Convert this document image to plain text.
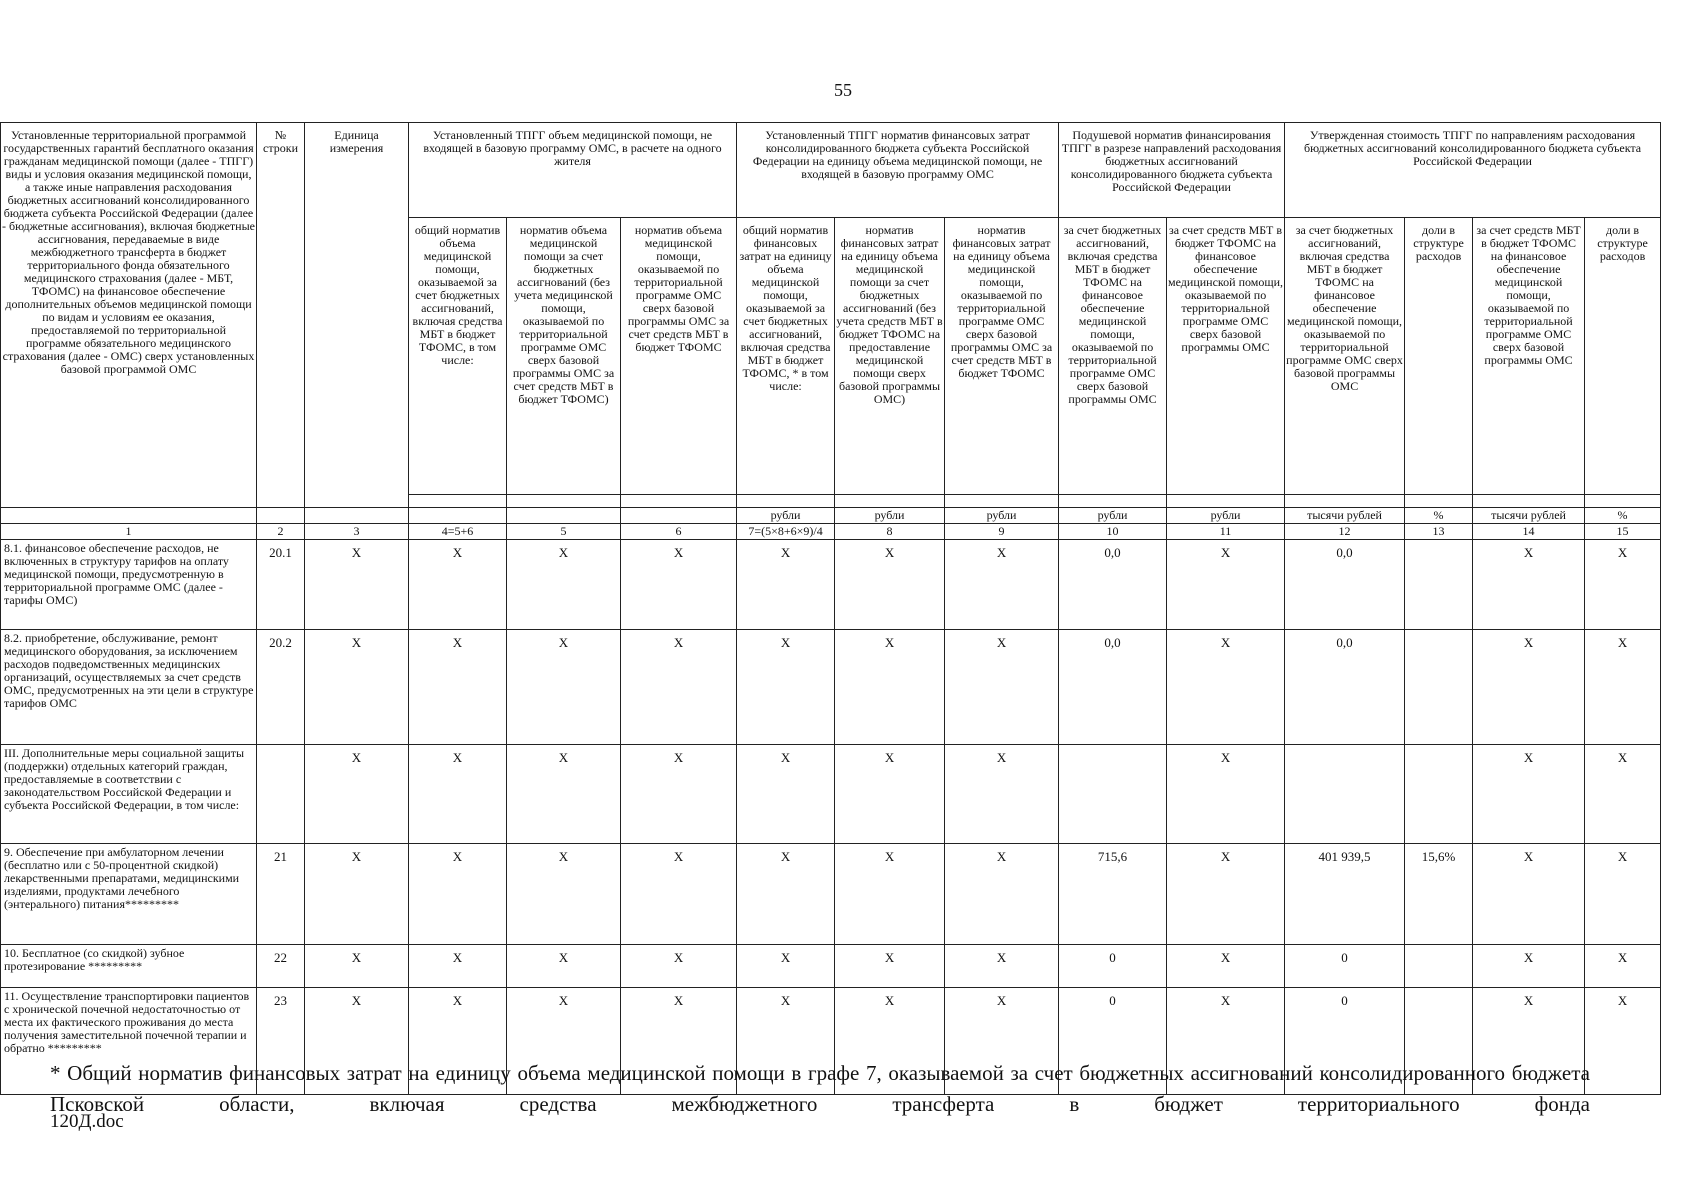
55
Установленные территориальной программой государственных гарантий бесплатного оказания гражданам медицинской помощи (далее - ТПГГ) виды и условия оказания медицинской помощи, а также иные направления расходования бюджетных ассигнований консолидированного бюджета субъекта Российской Федерации (далее - бюджетные ассигнования), включая бюджетные ассигнования, передаваемые в виде межбюджетного трансферта в бюджет территориального фонда обязательного медицинского страхования (далее - МБТ, ТФОМС) на финансовое обеспечение дополнительных объемов медицинской помощи по видам и условиям ее оказания, предоставляемой по территориальной программе обязательного медицинского страхования (далее - ОМС) сверх установленных базовой программой ОМС	№ строки	Единица измерения	Установленный ТПГГ объем медицинской помощи, не входящей в базовую программу ОМС, в расчете на одного жителя			Установленный ТПГГ норматив финансовых затрат консолидированного бюджета субъекта Российской Федерации на единицу объема медицинской помощи, не входящей в базовую программу ОМС			Подушевой норматив финансирования ТПГГ в разрезе направлений расходования бюджетных ассигнований консолидированного бюджета субъекта Российской Федерации		Утвержденная стоимость ТПГГ по направлениям расходования бюджетных ассигнований консолидированного бюджета субъекта Российской Федерации			
			общий норматив объема медицинской помощи, оказываемой за счет бюджетных ассигнований, включая средства МБТ в бюджет ТФОМС, в том числе:	норматив объема медицинской помощи за счет бюджетных ассигнований (без учета медицинской помощи, оказываемой по территориальной программе ОМС сверх базовой программы ОМС за счет средств МБТ в бюджет ТФОМС)	норматив объема медицинской помощи, оказываемой по территориальной программе ОМС сверх базовой программы ОМС за счет средств МБТ в бюджет ТФОМС	общий норматив финансовых затрат на единицу объема медицинской помощи, оказываемой за счет бюджетных ассигнований, включая средства МБТ в бюджет ТФОМС, * в том числе:	норматив финансовых затрат на единицу объема медицинской помощи за счет бюджетных ассигнований (без учета средств МБТ в бюджет ТФОМС на предоставление медицинской помощи сверх базовой программы ОМС)	норматив финансовых затрат на единицу объема медицинской помощи, оказываемой по территориальной программе ОМС сверх базовой программы ОМС за счет средств МБТ в бюджет ТФОМС	за счет бюджетных ассигнований, включая средства МБТ в бюджет ТФОМС на финансовое обеспечение медицинской помощи, оказываемой по территориальной программе ОМС сверх базовой программы ОМС	за счет средств МБТ в бюджет ТФОМС на финансовое обеспечение медицинской помощи, оказываемой по территориальной программе ОМС сверх базовой программы ОМС	за счет бюджетных ассигнований, включая средства МБТ в бюджет ТФОМС на финансовое обеспечение медицинской помощи, оказываемой по территориальной программе ОМС сверх базовой программы ОМС	доли в структуре расходов	за счет средств МБТ в бюджет ТФОМС на финансовое обеспечение медицинской помощи, оказываемой по территориальной программе ОМС сверх базовой программы ОМС	доли в структуре расходов

						рубли	рубли	рубли	рубли	рубли	тысячи рублей	%	тысячи рублей	%
1	2	3	4=5+6	5	6	7=(5×8+6×9)/4	8	9	10	11	12	13	14	15
8.1. финансовое обеспечение расходов, не включенных в структуру тарифов на оплату медицинской помощи, предусмотренную в территориальной программе ОМС (далее - тарифы ОМС)	20.1	X	X	X	X	X	X	X	0,0	X	0,0		X	X
8.2. приобретение, обслуживание, ремонт медицинского оборудования, за исключением расходов подведомственных медицинских организаций, осуществляемых за счет средств ОМС, предусмотренных на эти цели в структуре тарифов ОМС	20.2	X	X	X	X	X	X	X	0,0	X	0,0		X	X
III. Дополнительные меры социальной защиты (поддержки) отдельных категорий граждан, предоставляемые в соответствии с законодательством Российской Федерации и субъекта Российской Федерации, в том числе:		X	X	X	X	X	X	X		X			X	X
9. Обеспечение при амбулаторном лечении (бесплатно или с 50-процентной скидкой) лекарственными препаратами, медицинскими изделиями, продуктами лечебного (энтерального) питания*********	21	X	X	X	X	X	X	X	715,6	X	401 939,5	15,6%	X	X
10. Бесплатное (со скидкой) зубное протезирование *********	22	X	X	X	X	X	X	X	0	X	0		X	X
11. Осуществление транспортировки пациентов с хронической почечной недостаточностью от места их фактического проживания до места получения заместительной почечной терапии и обратно *********	23	X	X	X	X	X	X	X	0	X	0		X	X
* Общий норматив финансовых затрат на единицу объема медицинской помощи в графе 7, оказываемой за счет бюджетных ассигнований консолидированного бюджета Псковской области, включая средства межбюджетного трансферта в бюджет территориального фонда
120Д.doc
